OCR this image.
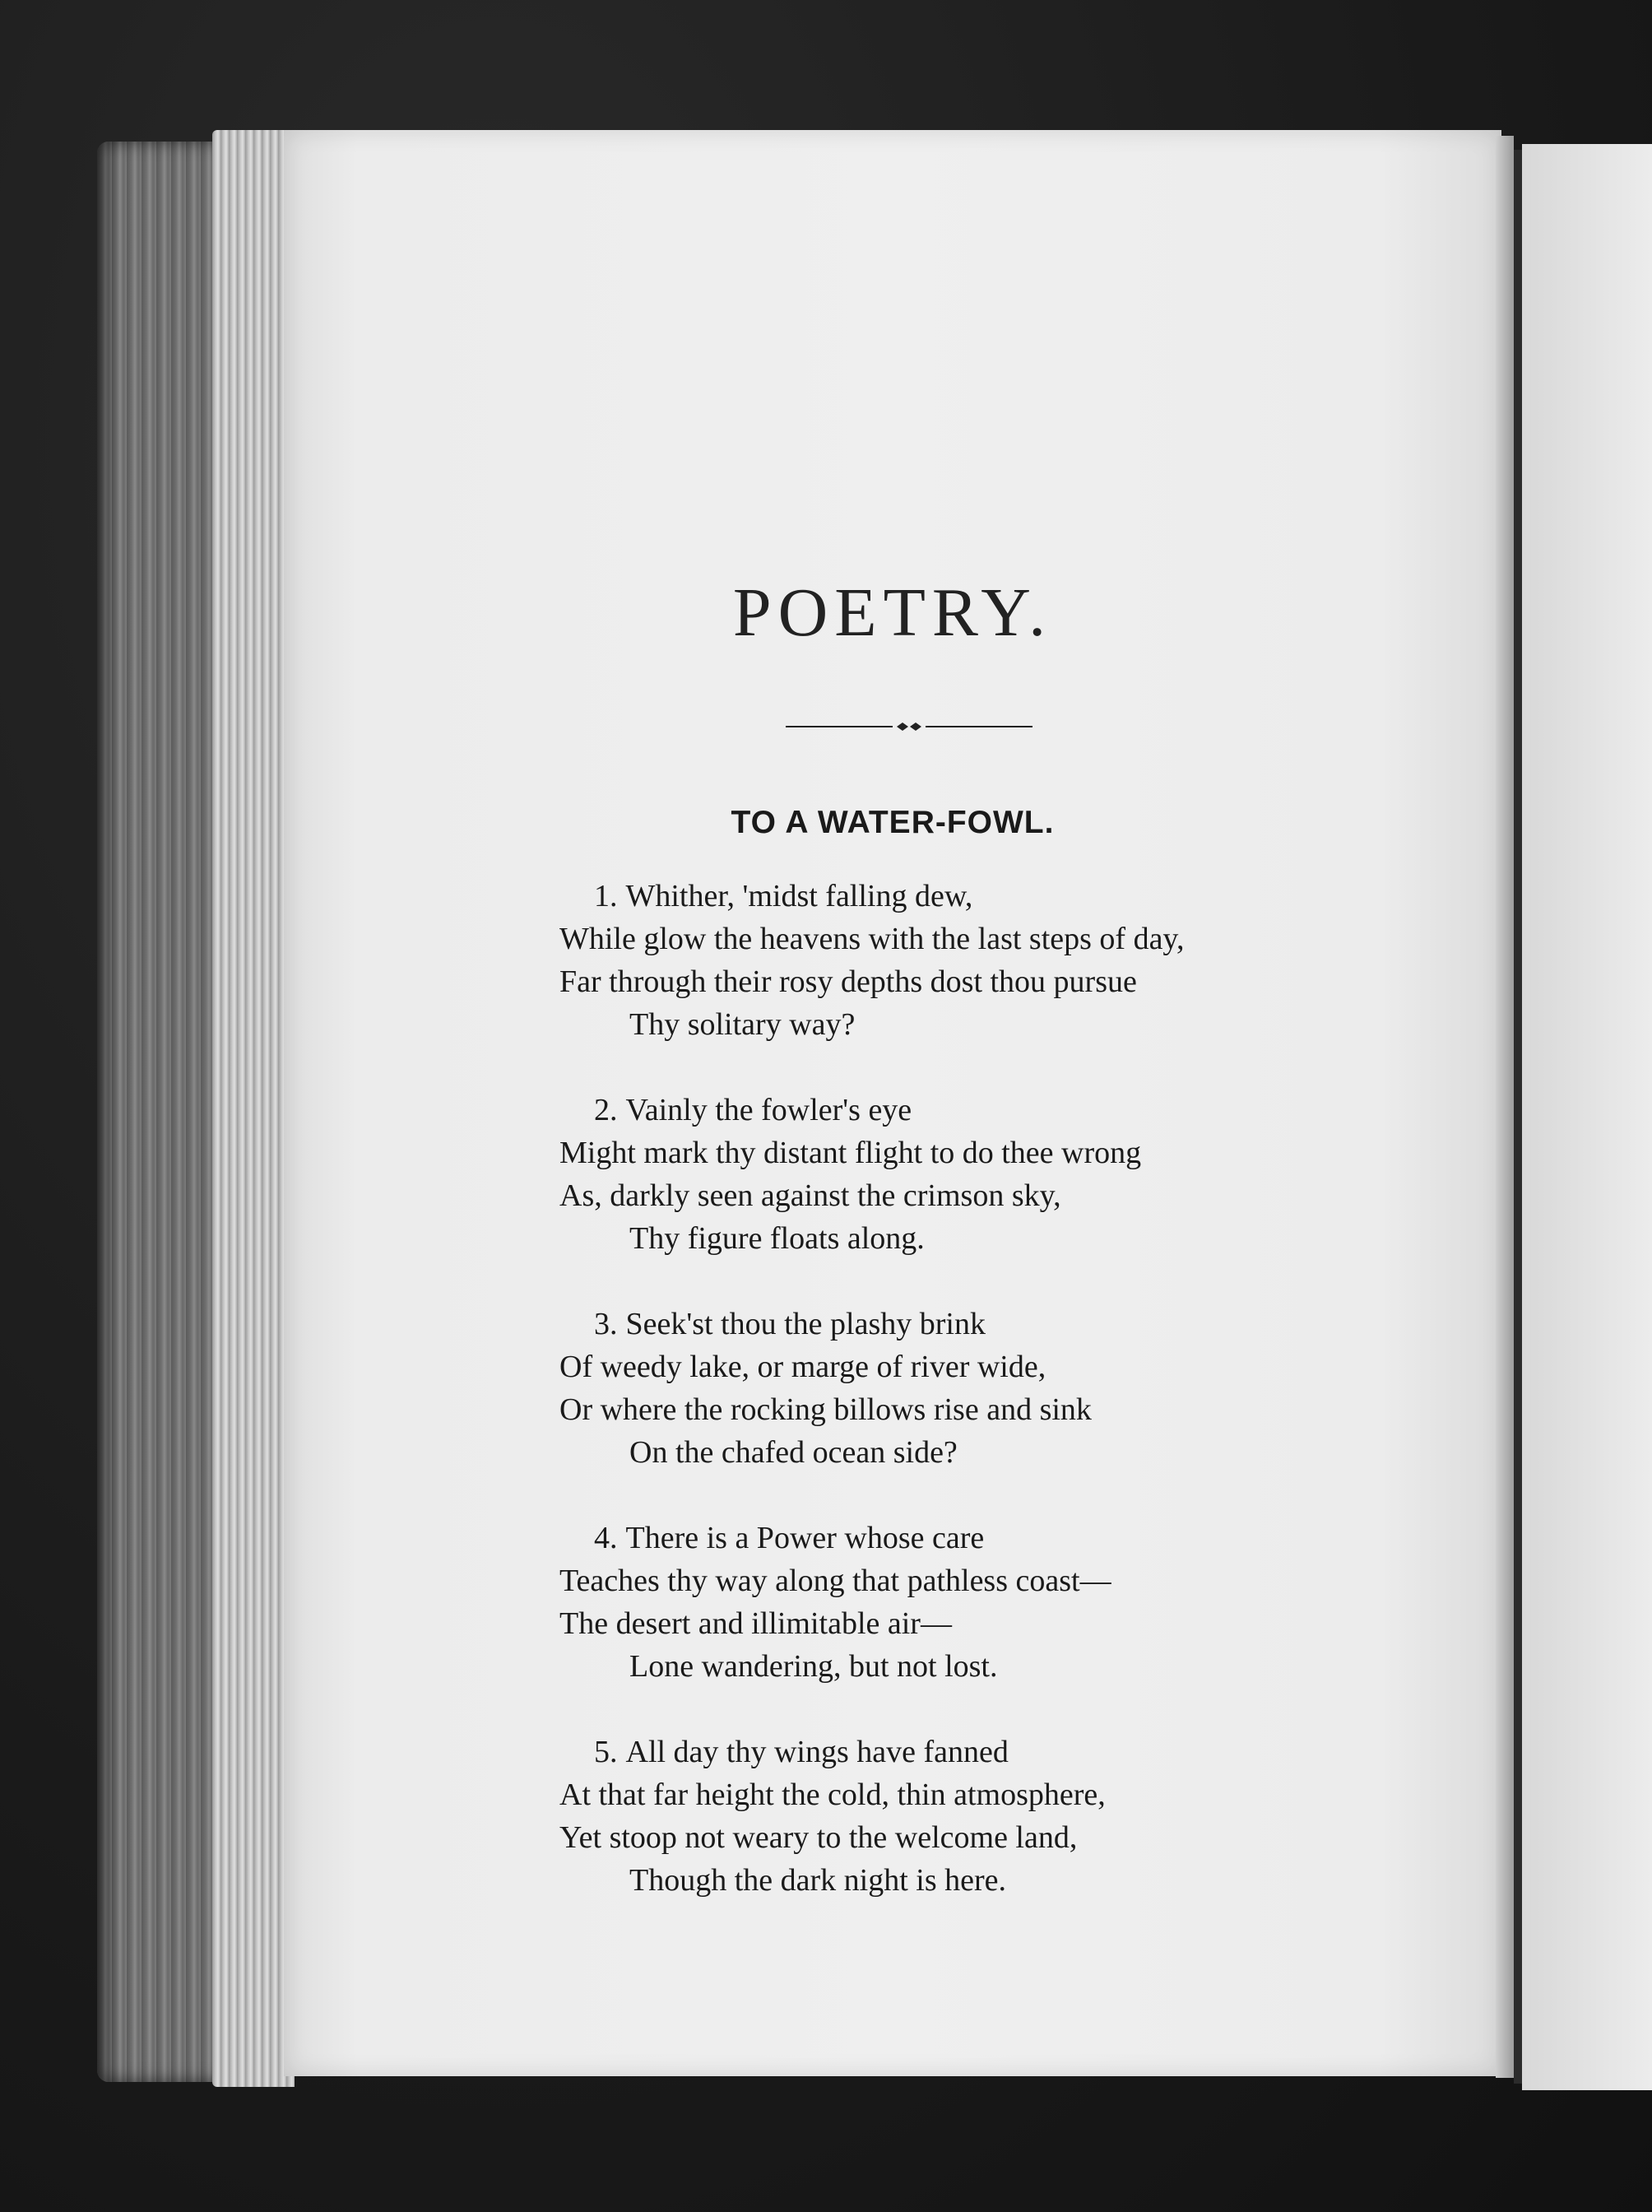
POETRY.
TO A WATER-FOWL.
1. Whither, 'midst falling dew,
While glow the heavens with the last steps of day,
Far through their rosy depths dost thou pursue
Thy solitary way?
2. Vainly the fowler's eye
Might mark thy distant flight to do thee wrong
As, darkly seen against the crimson sky,
Thy figure floats along.
3. Seek'st thou the plashy brink
Of weedy lake, or marge of river wide,
Or where the rocking billows rise and sink
On the chafed ocean side?
4. There is a Power whose care
Teaches thy way along that pathless coast—
The desert and illimitable air—
Lone wandering, but not lost.
5. All day thy wings have fanned
At that far height the cold, thin atmosphere,
Yet stoop not weary to the welcome land,
Though the dark night is here.
